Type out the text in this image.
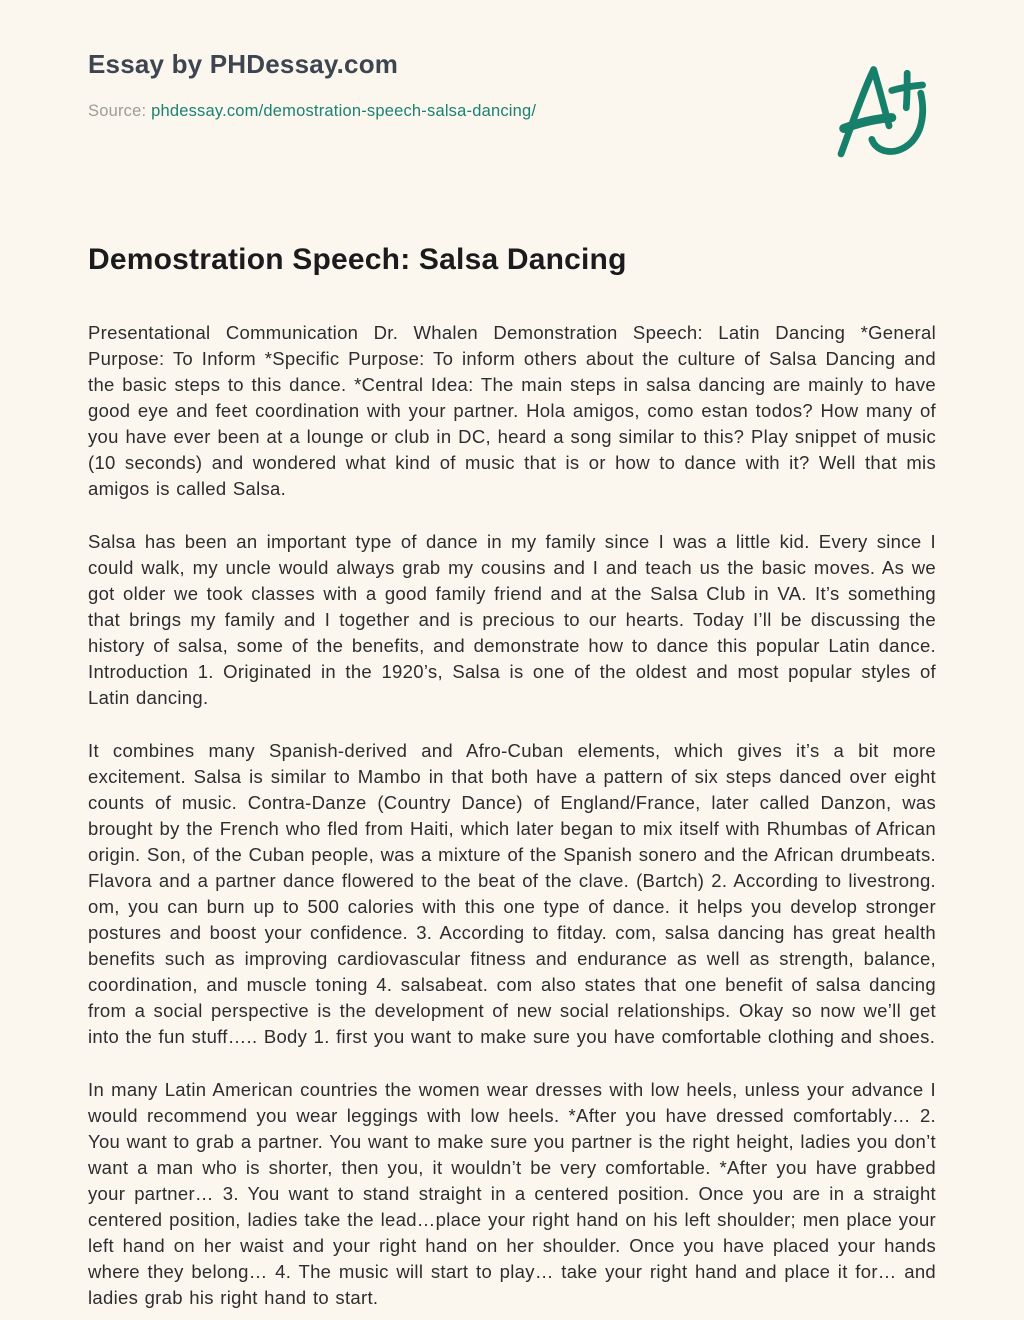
Essay by PHDessay.com
Source: phdessay.com/demostration-speech-salsa-dancing/
Demostration Speech: Salsa Dancing

Presentational Communication Dr. Whalen Demonstration Speech: Latin Dancing *General Purpose: To Inform *Specific Purpose: To inform others about the culture of Salsa Dancing and the basic steps to this dance. *Central Idea: The main steps in salsa dancing are mainly to have good eye and feet coordination with your partner. Hola amigos, como estan todos? How many of you have ever been at a lounge or club in DC, heard a song similar to this? Play snippet of music (10 seconds) and wondered what kind of music that is or how to dance with it? Well that mis amigos is called Salsa.

Salsa has been an important type of dance in my family since I was a little kid. Every since I could walk, my uncle would always grab my cousins and I and teach us the basic moves. As we got older we took classes with a good family friend and at the Salsa Club in VA. It’s something that brings my family and I together and is precious to our hearts. Today I’ll be discussing the history of salsa, some of the benefits, and demonstrate how to dance this popular Latin dance. Introduction 1. Originated in the 1920’s, Salsa is one of the oldest and most popular styles of Latin dancing.

It combines many Spanish-derived and Afro-Cuban elements, which gives it’s a bit more excitement. Salsa is similar to Mambo in that both have a pattern of six steps danced over eight counts of music. Contra-Danze (Country Dance) of England/France, later called Danzon, was brought by the French who fled from Haiti, which later began to mix itself with Rhumbas of African origin. Son, of the Cuban people, was a mixture of the Spanish sonero and the African drumbeats. Flavora and a partner dance flowered to the beat of the clave. (Bartch) 2. According to livestrong. om, you can burn up to 500 calories with this one type of dance. it helps you develop stronger postures and boost your confidence. 3. According to fitday. com, salsa dancing has great health benefits such as improving cardiovascular fitness and endurance as well as strength, balance, coordination, and muscle toning 4. salsabeat. com also states that one benefit of salsa dancing from a social perspective is the development of new social relationships. Okay so now we’ll get into the fun stuff….. Body 1. first you want to make sure you have comfortable clothing and shoes.

In many Latin American countries the women wear dresses with low heels, unless your advance I would recommend you wear leggings with low heels. *After you have dressed comfortably… 2. You want to grab a partner. You want to make sure you partner is the right height, ladies you don’t want a man who is shorter, then you, it wouldn’t be very comfortable. *After you have grabbed your partner… 3. You want to stand straight in a centered position. Once you are in a straight centered position, ladies take the lead…place your right hand on his left shoulder; men place your left hand on her waist and your right hand on her shoulder. Once you have placed your hands where they belong… 4. The music will start to play… take your right hand and place it for… and ladies grab his right hand to start.
